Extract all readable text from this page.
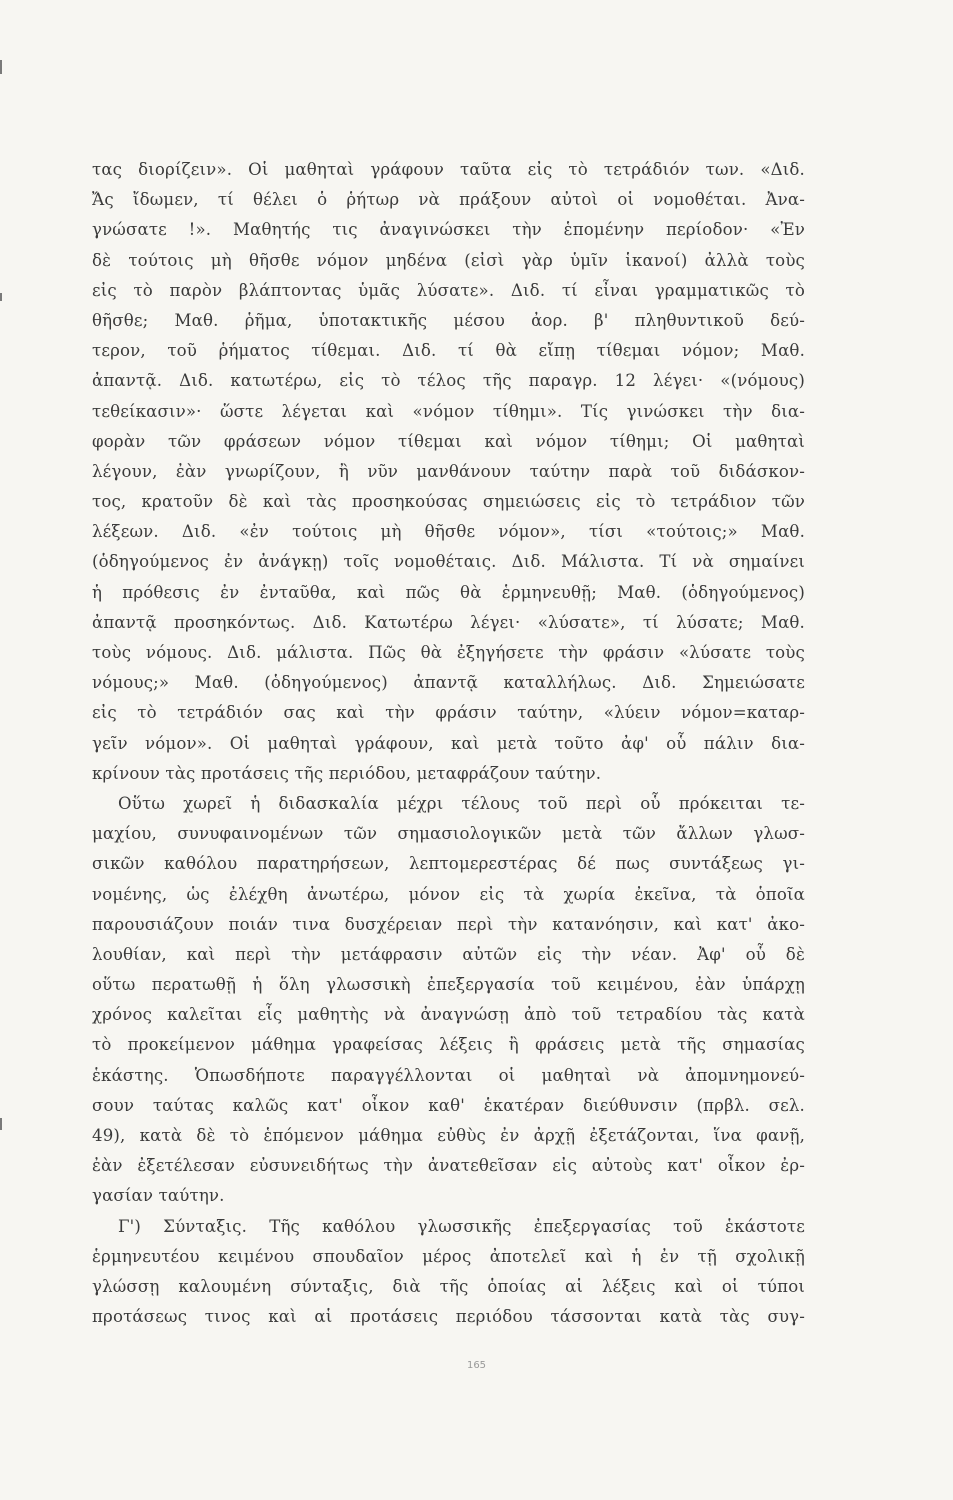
τας διορίζειν». Οἱ μαθηταὶ γράφουν ταῦτα εἰς τὸ τετράδιόν των. «Διδ.
Ἄς ἴδωμεν, τί θέλει ὁ ῥήτωρ νὰ πράξουν αὐτοὶ οἱ νομοθέται. Ἀνα-
γνώσατε !». Μαθητής τις ἀναγινώσκει τὴν ἑπομένην περίοδον· «Ἐν
δὲ τούτοις μὴ θῆσθε νόμον μηδένα (εἰσὶ γὰρ ὑμῖν ἱκανοί) ἀλλὰ τοὺς
εἰς τὸ παρὸν βλάπτοντας ὑμᾶς λύσατε». Διδ. τί εἶναι γραμματικῶς τὸ
θῆσθε; Μαθ. ῥῆμα, ὑποτακτικῆς μέσου ἀορ. β' πληθυντικοῦ δεύ-
τερον, τοῦ ῥήματος τίθεμαι. Διδ. τί θὰ εἴπῃ τίθεμαι νόμον; Μαθ.
ἀπαντᾷ. Διδ. κατωτέρω, εἰς τὸ τέλος τῆς παραγρ. 12 λέγει· «(νόμους)
τεθείκασιν»· ὥστε λέγεται καὶ «νόμον τίθημι». Τίς γινώσκει τὴν δια-
φορὰν τῶν φράσεων νόμον τίθεμαι καὶ νόμον τίθημι; Οἱ μαθηταὶ
λέγουν, ἐὰν γνωρίζουν, ἢ νῦν μανθάνουν ταύτην παρὰ τοῦ διδάσκον-
τος, κρατοῦν δὲ καὶ τὰς προσηκούσας σημειώσεις εἰς τὸ τετράδιον τῶν
λέξεων. Διδ. «ἐν τούτοις μὴ θῆσθε νόμον», τίσι «τούτοις;» Μαθ.
(ὁδηγούμενος ἐν ἀνάγκῃ) τοῖς νομοθέταις. Διδ. Μάλιστα. Τί νὰ σημαίνει
ἡ πρόθεσις ἐν ἐνταῦθα, καὶ πῶς θὰ ἑρμηνευθῇ; Μαθ. (ὁδηγούμενος)
ἀπαντᾷ προσηκόντως. Διδ. Κατωτέρω λέγει· «λύσατε», τί λύσατε; Μαθ.
τοὺς νόμους. Διδ. μάλιστα. Πῶς θὰ ἐξηγήσετε τὴν φράσιν «λύσατε τοὺς
νόμους;» Μαθ. (ὁδηγούμενος) ἀπαντᾷ καταλλήλως. Διδ. Σημειώσατε
εἰς τὸ τετράδιόν σας καὶ τὴν φράσιν ταύτην, «λύειν νόμον=καταρ-
γεῖν νόμον». Οἱ μαθηταὶ γράφουν, καὶ μετὰ τοῦτο ἀφ' οὗ πάλιν δια-
κρίνουν τὰς προτάσεις τῆς περιόδου, μεταφράζουν ταύτην.
Οὕτω χωρεῖ ἡ διδασκαλία μέχρι τέλους τοῦ περὶ οὗ πρόκειται τε-
μαχίου, συνυφαινομένων τῶν σημασιολογικῶν μετὰ τῶν ἄλλων γλωσ-
σικῶν καθόλου παρατηρήσεων, λεπτομερεστέρας δέ πως συντάξεως γι-
νομένης, ὡς ἐλέχθη ἀνωτέρω, μόνον εἰς τὰ χωρία ἐκεῖνα, τὰ ὁποῖα
παρουσιάζουν ποιάν τινα δυσχέρειαν περὶ τὴν κατανόησιν, καὶ κατ' ἀκο-
λουθίαν, καὶ περὶ τὴν μετάφρασιν αὐτῶν εἰς τὴν νέαν. Ἀφ' οὗ δὲ
οὕτω περατωθῇ ἡ ὅλη γλωσσικὴ ἐπεξεργασία τοῦ κειμένου, ἐὰν ὑπάρχῃ
χρόνος καλεῖται εἷς μαθητὴς νὰ ἀναγνώσῃ ἀπὸ τοῦ τετραδίου τὰς κατὰ
τὸ προκείμενον μάθημα γραφείσας λέξεις ἢ φράσεις μετὰ τῆς σημασίας
ἑκάστης. Ὁπωσδήποτε παραγγέλλονται οἱ μαθηταὶ νὰ ἀπομνημονεύ-
σουν ταύτας καλῶς κατ' οἶκον καθ' ἑκατέραν διεύθυνσιν (πρβλ. σελ.
49), κατὰ δὲ τὸ ἑπόμενον μάθημα εὐθὺς ἐν ἀρχῇ ἐξετάζονται, ἵνα φανῇ,
ἐὰν ἐξετέλεσαν εὐσυνειδήτως τὴν ἀνατεθεῖσαν εἰς αὐτοὺς κατ' οἶκον ἐρ-
γασίαν ταύτην.
Γ') Σύνταξις. Τῆς καθόλου γλωσσικῆς ἐπεξεργασίας τοῦ ἑκάστοτε
ἑρμηνευτέου κειμένου σπουδαῖον μέρος ἀποτελεῖ καὶ ἡ ἐν τῇ σχολικῇ
γλώσσῃ καλουμένη σύνταξις, διὰ τῆς ὁποίας αἱ λέξεις καὶ οἱ τύποι
προτάσεως τινος καὶ αἱ προτάσεις περιόδου τάσσονται κατὰ τὰς συγ-
165
